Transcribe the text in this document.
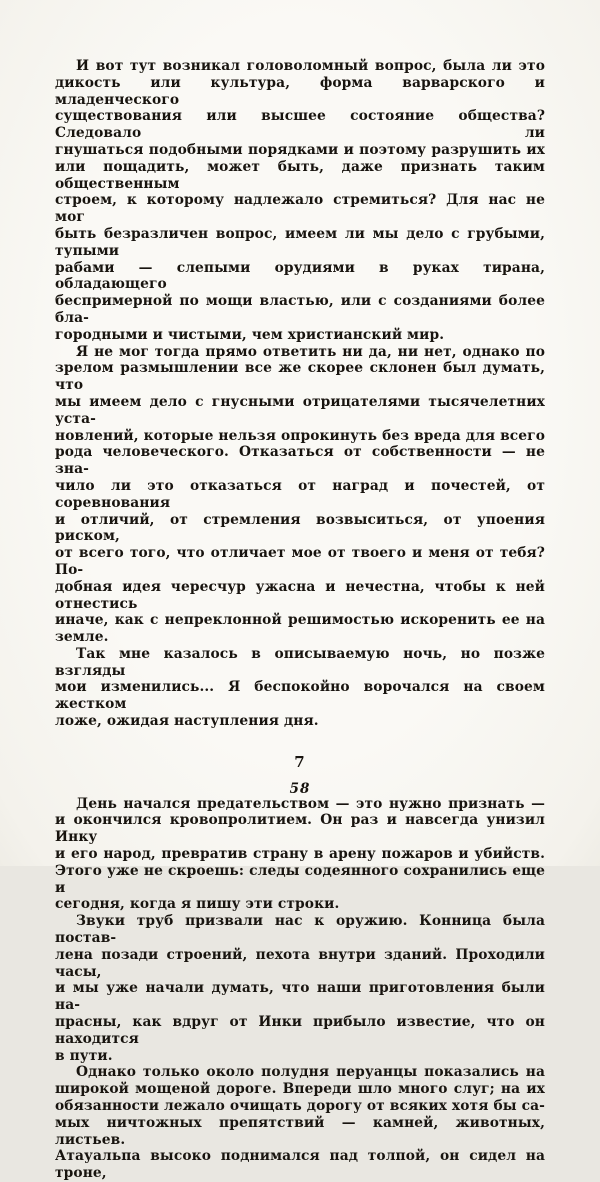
И вот тут возникал головоломный вопрос, была ли это
дикость или культура, форма варварского и младенческого
существования или высшее состояние общества? Следовало ли
гнушаться подобными порядками и поэтому разрушить их
или пощадить, может быть, даже признать таким общественным
строем, к которому надлежало стремиться? Для нас не мог
быть безразличен вопрос, имеем ли мы дело с грубыми, тупыми
рабами — слепыми орудиями в руках тирана, обладающего
беспримерной по мощи властью, или с созданиями более бла-
городными и чистыми, чем христианский мир.

Я не мог тогда прямо ответить ни да, ни нет, однако по
зрелом размышлении все же скорее склонен был думать, что
мы имеем дело с гнусными отрицателями тысячелетних уста-
новлений, которые нельзя опрокинуть без вреда для всего
рода человеческого. Отказаться от собственности — не зна-
чило ли это отказаться от наград и почестей, от соревнования
и отличий, от стремления возвыситься, от упоения риском,
от всего того, что отличает мое от твоего и меня от тебя? По-
добная идея чересчур ужасна и нечестна, чтобы к ней отнестись
иначе, как с непреклонной решимостью искоренить ее на
земле.

Так мне казалось в описываемую ночь, но позже взгляды
мои изменились... Я беспокойно ворочался на своем жестком
ложе, ожидая наступления дня.

7

День начался предательством — это нужно признать —
и окончился кровопролитием. Он раз и навсегда унизил Инку
и его народ, превратив страну в арену пожаров и убийств.
Этого уже не скроешь: следы содеянного сохранились еще и
сегодня, когда я пишу эти строки.

Звуки труб призвали нас к оружию. Конница была постав-
лена позади строений, пехота внутри зданий. Проходили часы,
и мы уже начали думать, что наши приготовления были на-
прасны, как вдруг от Инки прибыло известие, что он находится
в пути.

Однако только около полудня перуанцы показались на
широкой мощеной дороге. Впереди шло много слуг; на их
обязанности лежало очищать дорогу от всяких хотя бы са-
мых ничтожных препятствий — камней, животных, листьев.
Атауальпа высоко поднимался пад толпой, он сидел на троне,

58
